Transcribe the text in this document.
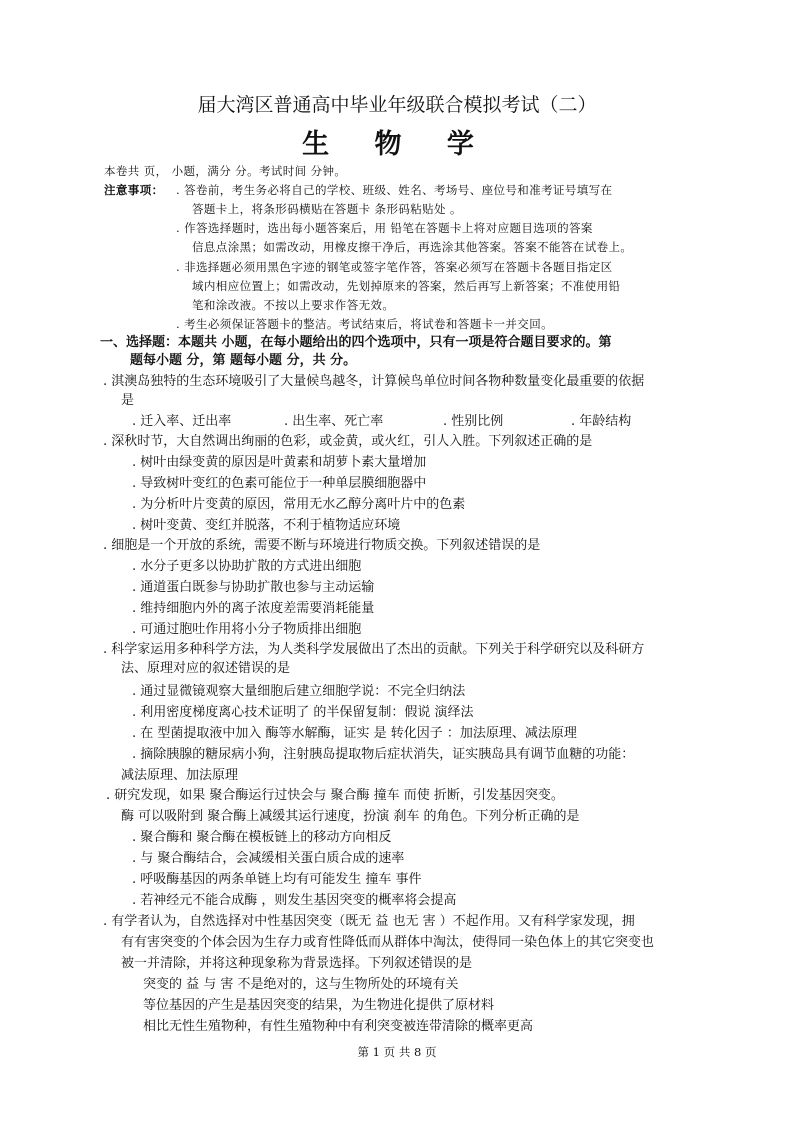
届大湾区普通高中毕业年级联合模拟考试（二）
生 物 学
本卷共 页， 小题，满分 分。考试时间 分钟。
注意事项： . 答卷前，考生务必将自己的学校、班级、姓名、考场号、座位号和准考证号填写在
答题卡上，将条形码横贴在答题卡 条形码粘贴处 。
. 作答选择题时，选出每小题答案后，用 铅笔在答题卡上将对应题目选项的答案
信息点涂黑；如需改动，用橡皮擦干净后，再选涂其他答案。答案不能答在试卷上。
. 非选择题必须用黑色字迹的钢笔或签字笔作答，答案必须写在答题卡各题目指定区
域内相应位置上；如需改动，先划掉原来的答案，然后再写上新答案；不准使用铅
笔和涂改液。不按以上要求作答无效。
. 考生必须保证答题卡的整洁。考试结束后，将试卷和答题卡一并交回。
一、选择题：本题共 小题，在每小题给出的四个选项中，只有一项是符合题目要求的。第
题每小题 分，第 题每小题 分，共 分。
. 淇澳岛独特的生态环境吸引了大量候鸟越冬，计算候鸟单位时间各物种数量变化最重要的依据
是
. 迁入率、迁出率	. 出生率、死亡率	. 性别比例	. 年龄结构
. 深秋时节，大自然调出绚丽的色彩，或金黄，或火红，引人入胜。下列叙述正确的是
. 树叶由绿变黄的原因是叶黄素和胡萝卜素大量增加
. 导致树叶变红的色素可能位于一种单层膜细胞器中
. 为分析叶片变黄的原因，常用无水乙醇分离叶片中的色素
. 树叶变黄、变红并脱落，不利于植物适应环境
. 细胞是一个开放的系统，需要不断与环境进行物质交换。下列叙述错误的是
. 水分子更多以协助扩散的方式进出细胞
. 通道蛋白既参与协助扩散也参与主动运输
. 维持细胞内外的离子浓度差需要消耗能量
. 可通过胞吐作用将小分子物质排出细胞
. 科学家运用多种科学方法，为人类科学发展做出了杰出的贡献。下列关于科学研究以及科研方
法、原理对应的叙述错误的是
. 通过显微镜观察大量细胞后建立细胞学说：不完全归纳法
. 利用密度梯度离心技术证明了 的半保留复制：假说 演绎法
. 在 型菌提取液中加入 酶等水解酶，证实 是 转化因子 ：加法原理、减法原理
. 摘除胰腺的糖尿病小狗，注射胰岛提取物后症状消失，证实胰岛具有调节血糖的功能：
减法原理、加法原理
. 研究发现，如果 聚合酶运行过快会与 聚合酶 撞车 而使 折断，引发基因突变。
酶 可以吸附到 聚合酶上减缓其运行速度，扮演 刹车 的角色。下列分析正确的是
. 聚合酶和 聚合酶在模板链上的移动方向相反
. 与 聚合酶结合，会减缓相关蛋白质合成的速率
. 呼吸酶基因的两条单链上均有可能发生 撞车 事件
. 若神经元不能合成酶 ，则发生基因突变的概率将会提高
. 有学者认为，自然选择对中性基因突变（既无 益 也无 害 ）不起作用。又有科学家发现，拥
有有害突变的个体会因为生存力或育性降低而从群体中淘汰，使得同一染色体上的其它突变也
被一并清除，并将这种现象称为背景选择。下列叙述错误的是
突变的 益 与 害 不是绝对的，这与生物所处的环境有关
等位基因的产生是基因突变的结果，为生物进化提供了原材料
相比无性生殖物种，有性生殖物种中有利突变被连带清除的概率更高
第 1 页 共 8 页
